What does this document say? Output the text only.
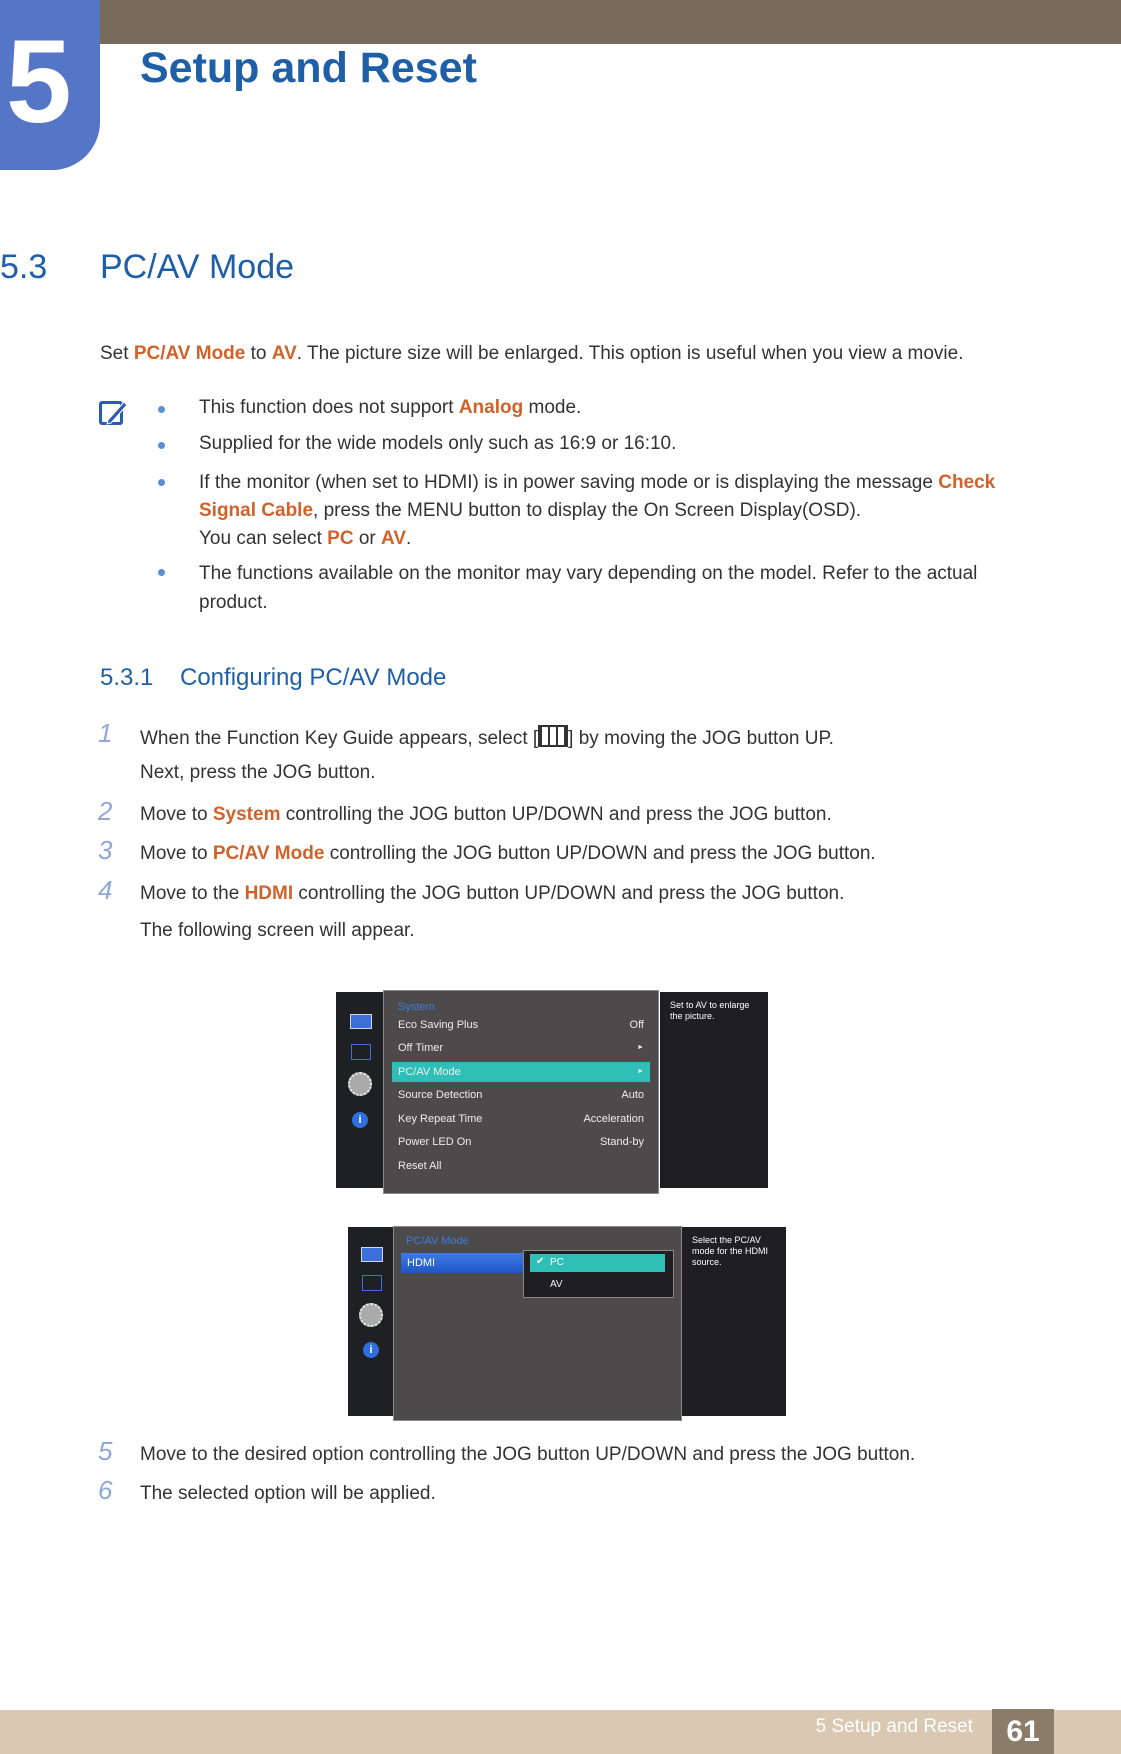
5 Setup and Reset
5.3 PC/AV Mode
Set PC/AV Mode to AV. The picture size will be enlarged. This option is useful when you view a movie.
This function does not support Analog mode.
Supplied for the wide models only such as 16:9 or 16:10.
If the monitor (when set to HDMI) is in power saving mode or is displaying the message Check
Signal Cable, press the MENU button to display the On Screen Display(OSD).
You can select PC or AV.
The functions available on the monitor may vary depending on the model. Refer to the actual
product.
5.3.1 Configuring PC/AV Mode
1 When the Function Key Guide appears, select [ ] by moving the JOG button UP.
Next, press the JOG button.
2 Move to System controlling the JOG button UP/DOWN and press the JOG button.
3 Move to PC/AV Mode controlling the JOG button UP/DOWN and press the JOG button.
4 Move to the HDMI controlling the JOG button UP/DOWN and press the JOG button.
The following screen will appear.
i
System
Eco Saving Plus	Off
Off Timer	►
PC/AV Mode	►
Source Detection	Auto
Key Repeat Time	Acceleration
Power LED On	Stand-by
Reset All
Set to AV to enlarge the picture.
i
PC/AV Mode
HDMI	✔ PC
AV
Select the PC/AV mode for the HDMI source.
5 Move to the desired option controlling the JOG button UP/DOWN and press the JOG button.
6 The selected option will be applied.
5 Setup and Reset	61
